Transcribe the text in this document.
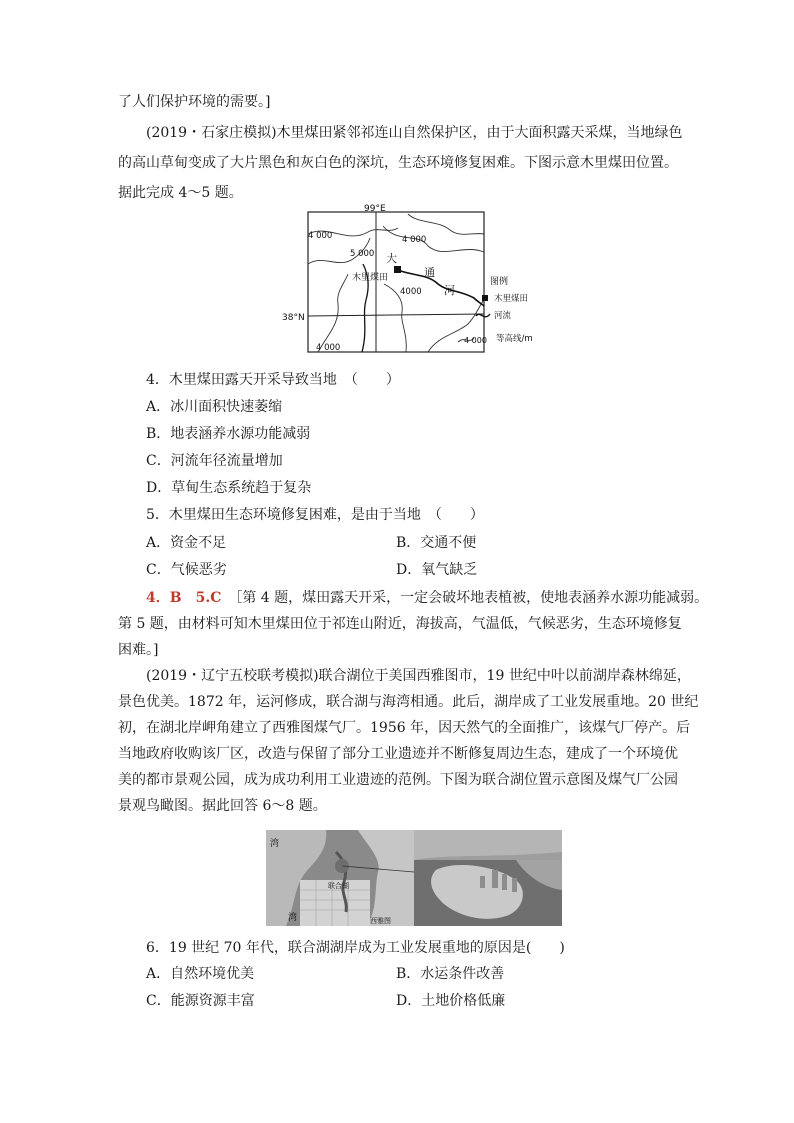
了人们保护环境的需要。]
(2019・石家庄模拟)木里煤田紧邻祁连山自然保护区，由于大面积露天采煤，当地绿色
的高山草甸变成了大片黑色和灰白色的深坑，生态环境修复困难。下图示意木里煤田位置。
据此完成 4～5 题。
99°E
38°N
4 000	4 000
5 000
4000
4 000
大
通
河
木里煤田	图例
木里煤田
河流
4 000 等高线/m
4．木里煤田露天开采导致当地　（　　）
A．冰川面积快速萎缩
B．地表涵养水源功能减弱
C．河流年径流量增加
D．草甸生态系统趋于复杂
5．木里煤田生态环境修复困难，是由于当地　（　　）
A．资金不足	B．交通不便
C．气候恶劣	D．氧气缺乏
4．B　 5.C　 ［第 4 题，煤田露天开采，一定会破坏地表植被，使地表涵养水源功能减弱。
第 5 题，由材料可知木里煤田位于祁连山附近，海拔高，气温低，气候恶劣，生态环境修复
困难。]
(2019・辽宁五校联考模拟)联合湖位于美国西雅图市，19 世纪中叶以前湖岸森林绵延，
景色优美。1872 年，运河修成，联合湖与海湾相通。此后，湖岸成了工业发展重地。20 世纪
初，在湖北岸岬角建立了西雅图煤气厂。1956 年，因天然气的全面推广，该煤气厂停产。后
当地政府收购该厂区，改造与保留了部分工业遗迹并不断修复周边生态，建成了一个环境优
美的都市景观公园，成为成功利用工业遗迹的范例。下图为联合湖位置示意图及煤气厂公园
景观鸟瞰图。据此回答 6～8 题。
湾
湾
联合湖
西雅图
6．19 世纪 70 年代，联合湖湖岸成为工业发展重地的原因是(　　)
A．自然环境优美	B．水运条件改善
C．能源资源丰富	D．土地价格低廉
